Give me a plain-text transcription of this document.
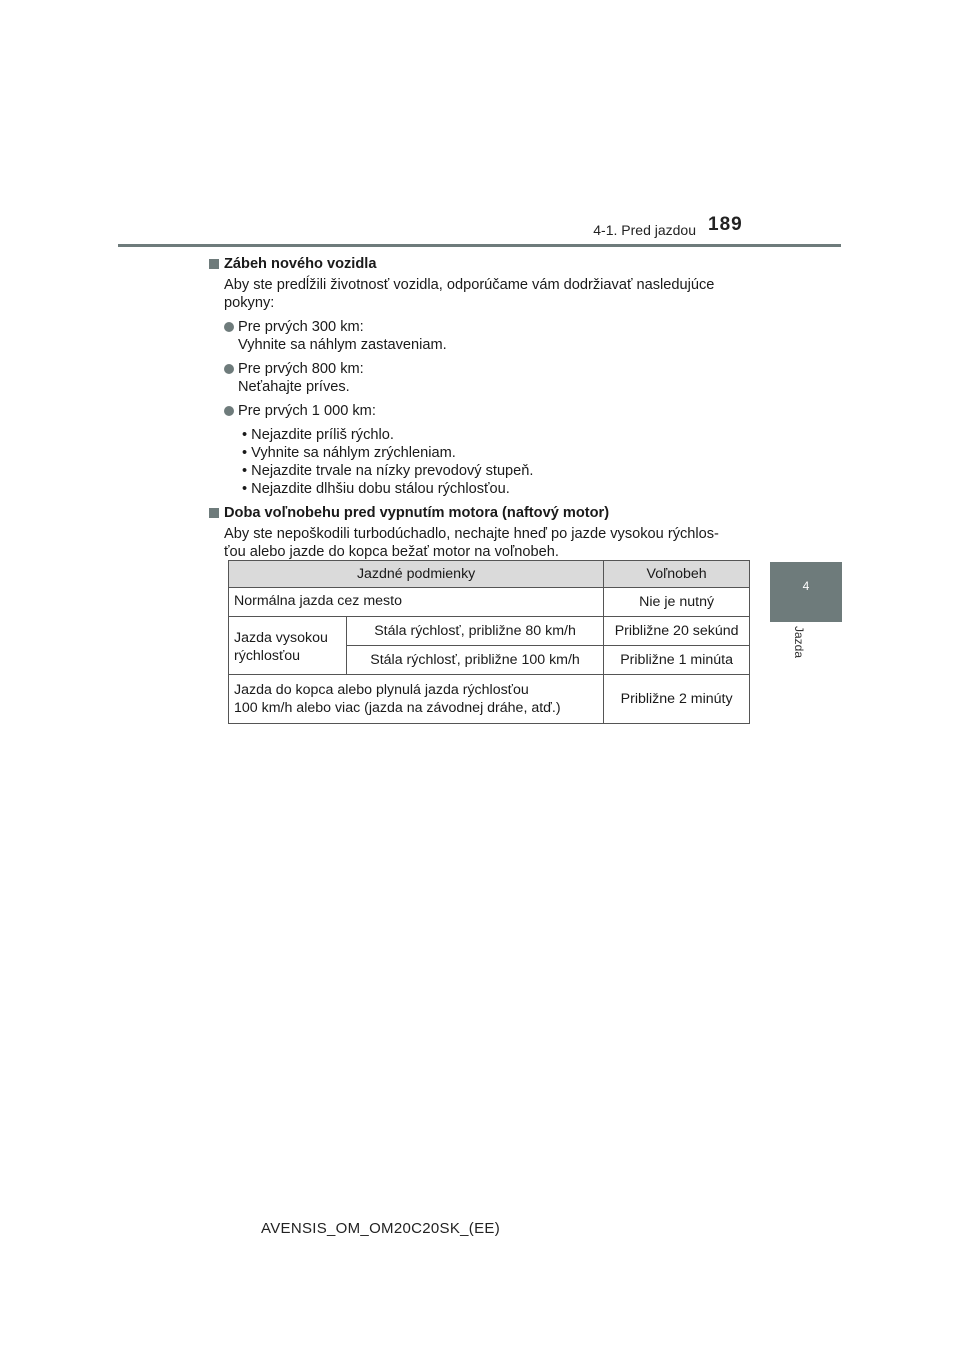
4-1. Pred jazdou 189
4
Jazda
Zábeh nového vozidla
Aby ste predĺžili životnosť vozidla, odporúčame vám dodržiavať nasledujúce
pokyny:
Pre prvých 300 km:
Vyhnite sa náhlym zastaveniam.
Pre prvých 800 km:
Neťahajte príves.
Pre prvých 1 000 km:
• Nejazdite príliš rýchlo.
• Vyhnite sa náhlym zrýchleniam.
• Nejazdite trvale na nízky prevodový stupeň.
• Nejazdite dlhšiu dobu stálou rýchlosťou.
Doba voľnobehu pred vypnutím motora (naftový motor)
Aby ste nepoškodili turbodúchadlo, nechajte hneď po jazde vysokou rýchlos-
ťou alebo jazde do kopca bežať motor na voľnobeh.
Jazdné podmienky		Voľnobeh
Normálna jazda cez mesto		Nie je nutný

Jazda vysokou
rýchlosťou	Stála rýchlosť, približne 80 km/h	Približne 20 sekúnd
	Stála rýchlosť, približne 100 km/h	Približne 1 minúta

Jazda do kopca alebo plynulá jazda rýchlosťou
100 km/h alebo viac (jazda na závodnej dráhe, atď.)		Približne 2 minúty
AVENSIS_OM_OM20C20SK_(EE)
